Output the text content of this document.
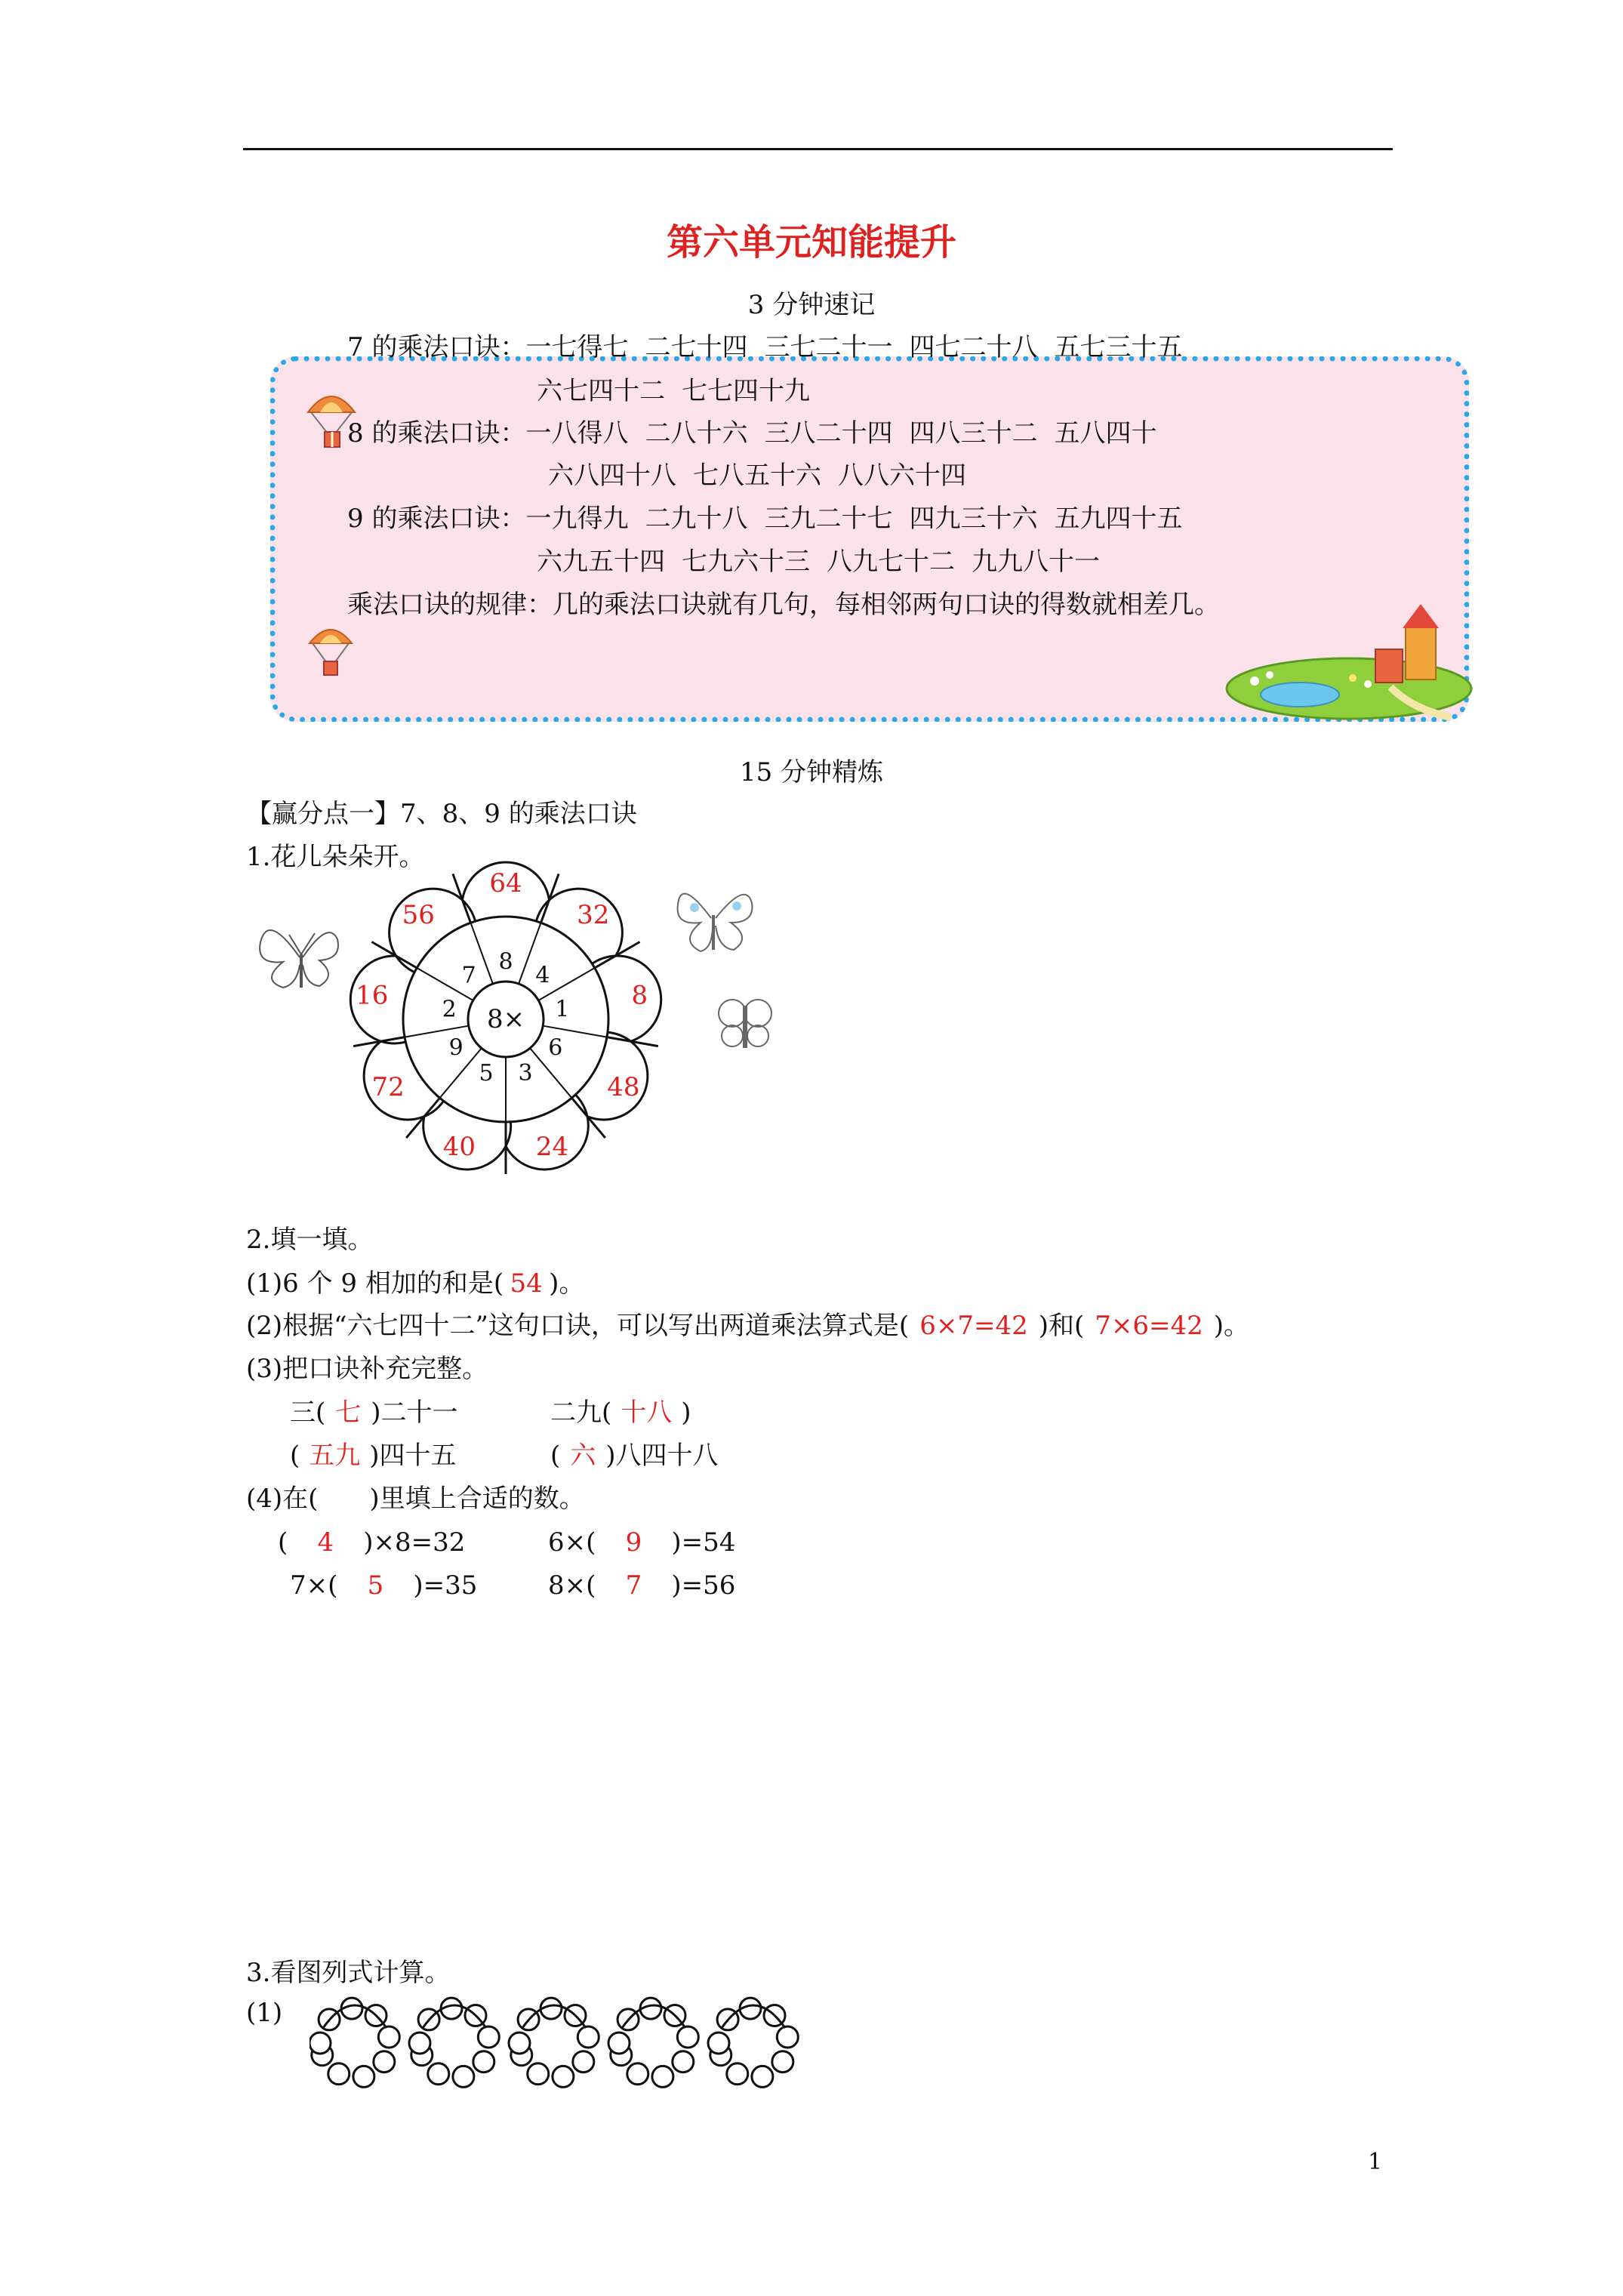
第六单元知能提升
3 分钟速记
7 的乘法口诀：一七得七 二七十四 三七二十一 四七二十八 五七三十五
六七四十二 七七四十九
8 的乘法口诀：一八得八 二八十六 三八二十四 四八三十二 五八四十
六八四十八 七八五十六 八八六十四
9 的乘法口诀：一九得九 二九十八 三九二十七 四九三十六 五九四十五
六九五十四 七九六十三 八九七十二 九九八十一
乘法口诀的规律：几的乘法口诀就有几句，每相邻两句口诀的得数就相差几。
15 分钟精炼
【赢分点一】7、8、9 的乘法口诀
1.花儿朵朵开。
8
64
4
32
1 8
6
48
3
24
5
40
9
72
2
16
7
56
8×
2.填一填。
(1)6 个 9 相加的和是( 54 )。
(2)根据“六七四十二”这句口诀，可以写出两道乘法算式是( 6×7=42 )和( 7×6=42 )。
(3)把口诀补充完整。
三( 七 )二十一	二九( 十八 )
( 五九 )四十五	( 六 )八四十八
(4)在(　　)里填上合适的数。
( 4 )×8=32	6×( 9 )=54
7×( 5 )=35	8×( 7 )=56
3.看图列式计算。
(1)
1
